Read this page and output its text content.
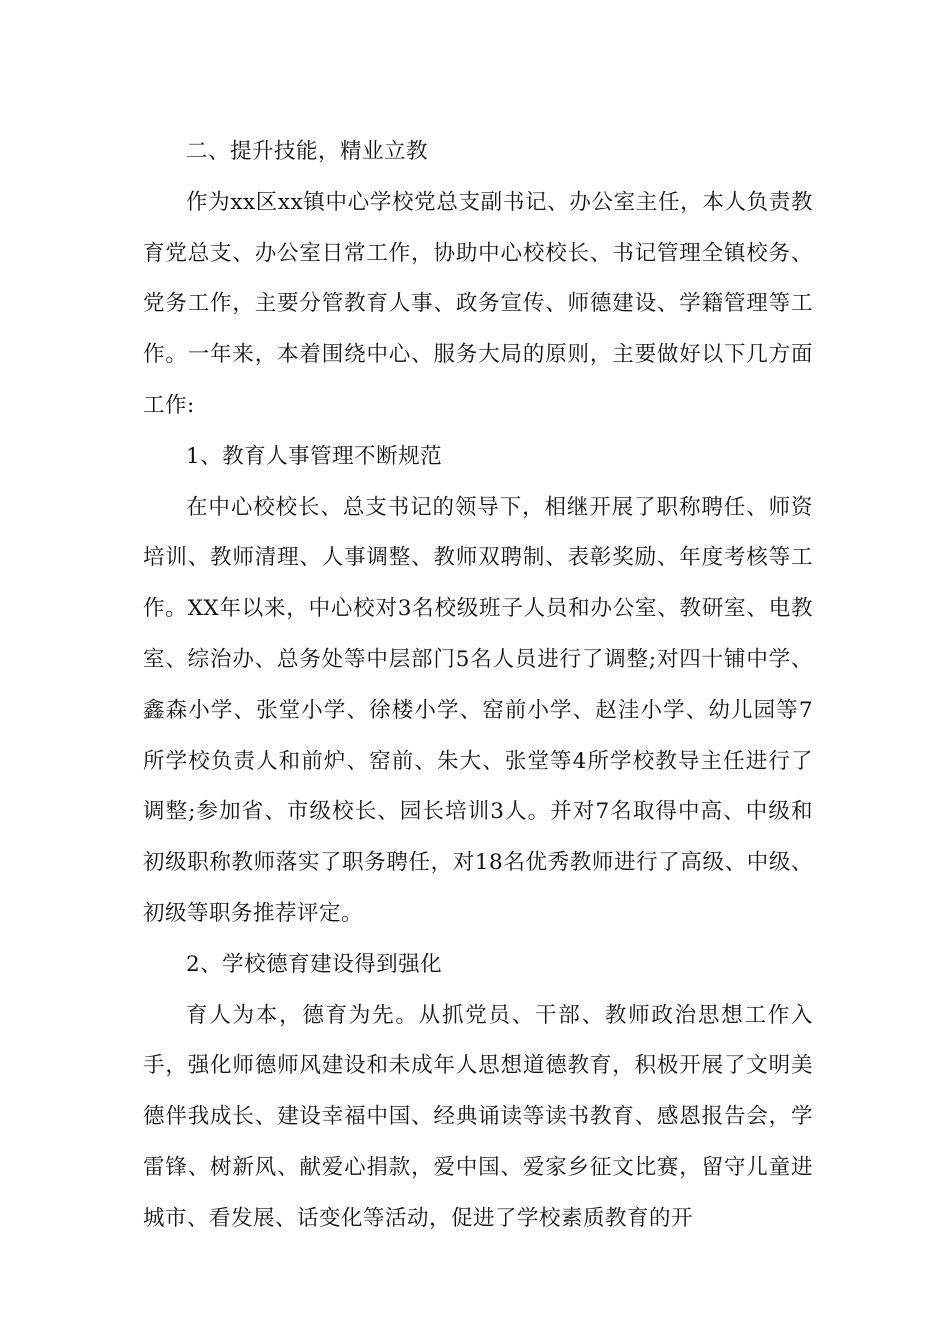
二、提升技能，精业立教

作为xx区xx镇中心学校党总支副书记、办公室主任，本人负责教育党总支、办公室日常工作，协助中心校校长、书记管理全镇校务、党务工作，主要分管教育人事、政务宣传、师德建设、学籍管理等工作。一年来，本着围绕中心、服务大局的原则，主要做好以下几方面工作:

1、教育人事管理不断规范

在中心校校长、总支书记的领导下，相继开展了职称聘任、师资培训、教师清理、人事调整、教师双聘制、表彰奖励、年度考核等工作。XX年以来，中心校对3名校级班子人员和办公室、教研室、电教室、综治办、总务处等中层部门5名人员进行了调整;对四十铺中学、鑫森小学、张堂小学、徐楼小学、窑前小学、赵洼小学、幼儿园等7所学校负责人和前炉、窑前、朱大、张堂等4所学校教导主任进行了调整;参加省、市级校长、园长培训3人。并对7名取得中高、中级和初级职称教师落实了职务聘任，对18名优秀教师进行了高级、中级、初级等职务推荐评定。

2、学校德育建设得到强化

育人为本，德育为先。从抓党员、干部、教师政治思想工作入手，强化师德师风建设和未成年人思想道德教育，积极开展了文明美德伴我成长、建设幸福中国、经典诵读等读书教育、感恩报告会，学雷锋、树新风、献爱心捐款，爱中国、爱家乡征文比赛，留守儿童进城市、看发展、话变化等活动，促进了学校素质教育的开
